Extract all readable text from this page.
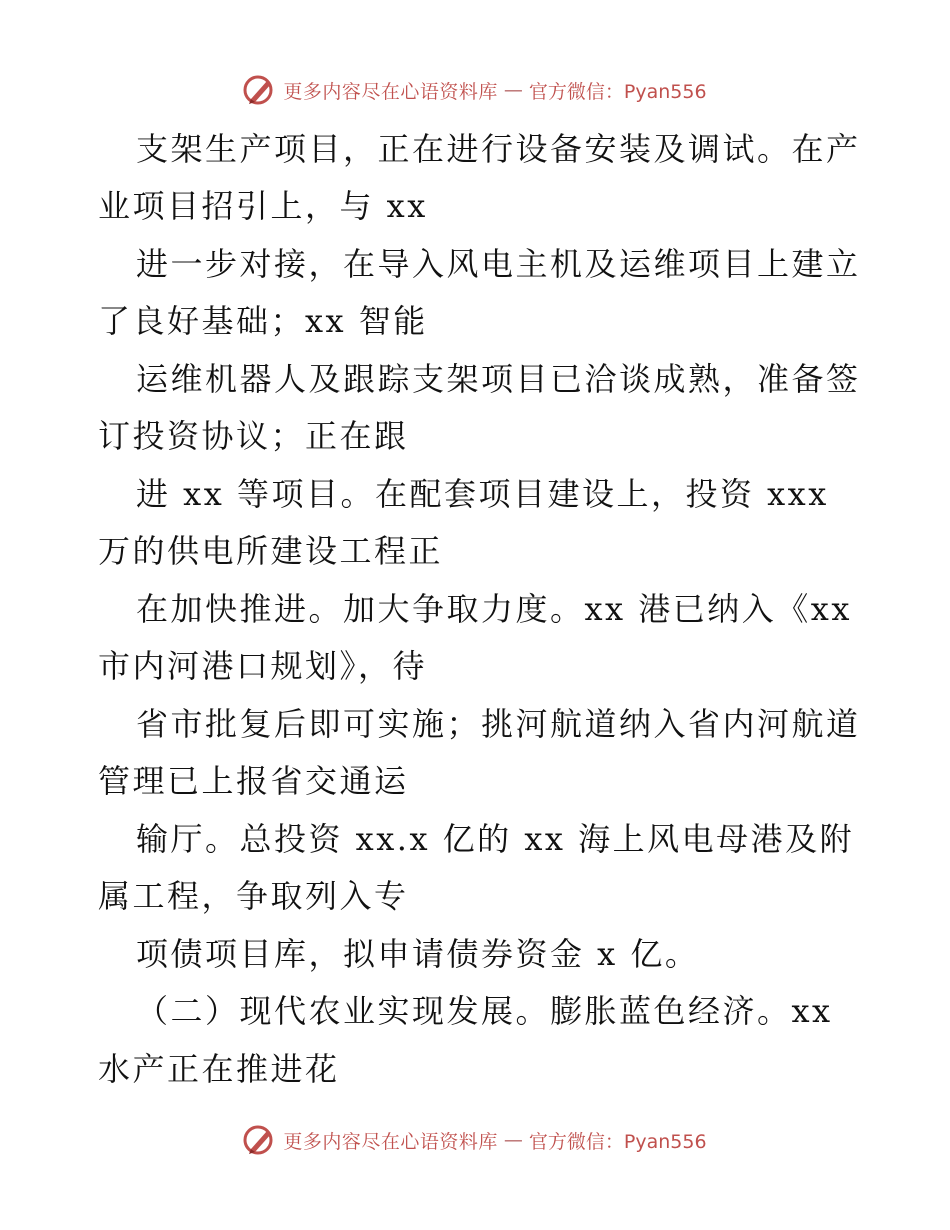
更多内容尽在心语资料库 — 官方微信：Pyan556
支架生产项目，正在进行设备安装及调试。在产
业项目招引上，与 xx
进一步对接，在导入风电主机及运维项目上建立
了良好基础；xx 智能
运维机器人及跟踪支架项目已洽谈成熟，准备签
订投资协议；正在跟
进 xx 等项目。在配套项目建设上，投资 xxx
万的供电所建设工程正
在加快推进。加大争取力度。xx 港已纳入《xx
市内河港口规划》，待
省市批复后即可实施；挑河航道纳入省内河航道
管理已上报省交通运
输厅。总投资 xx.x 亿的 xx 海上风电母港及附
属工程，争取列入专
项债项目库，拟申请债券资金 x 亿。
（二）现代农业实现发展。膨胀蓝色经济。xx
水产正在推进花
更多内容尽在心语资料库 — 官方微信：Pyan556
